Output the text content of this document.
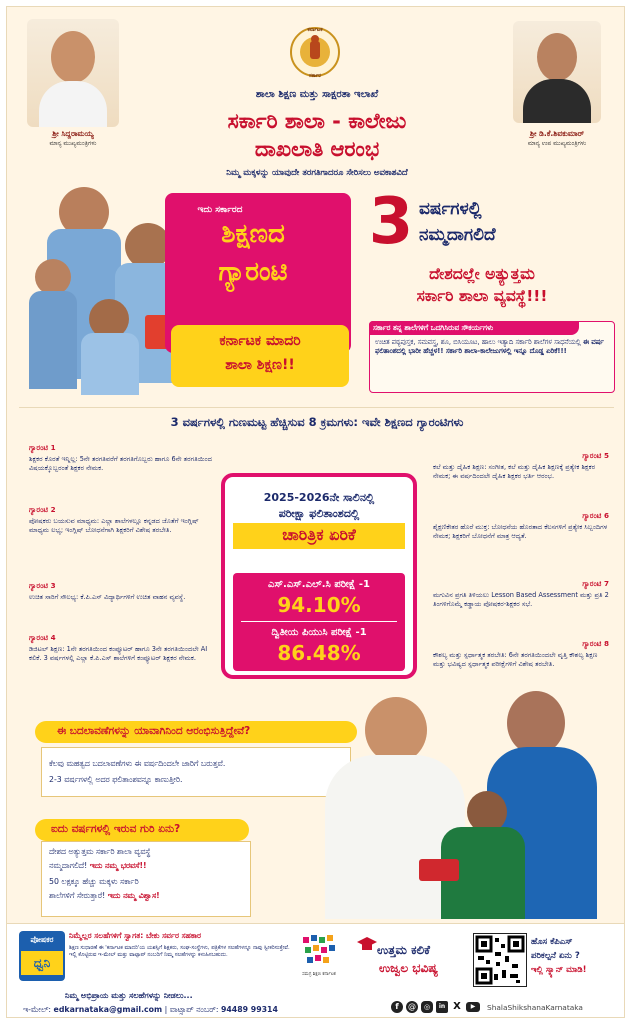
ಶ್ರೀ ಸಿದ್ದರಾಮಯ್ಯ
ಮಾನ್ಯ ಮುಖ್ಯಮಂತ್ರಿಗಳು
ಶ್ರೀ ಡಿ.ಕೆ.ಶಿವಕುಮಾರ್
ಮಾನ್ಯ ಉಪ ಮುಖ್ಯಮಂತ್ರಿಗಳು
ಕರ್ನಾಟಕ
ಸರ್ಕಾರ
ಶಾಲಾ ಶಿಕ್ಷಣ ಮತ್ತು ಸಾಕ್ಷರತಾ ಇಲಾಖೆ
ಸರ್ಕಾರಿ ಶಾಲಾ - ಕಾಲೇಜು
ದಾಖಲಾತಿ ಆರಂಭ
ನಿಮ್ಮ ಮಕ್ಕಳನ್ನು ಯಾವುದೇ ತರಗತಿಗಾದರೂ ಸೇರಿಸಲು ಅವಕಾಶವಿದೆ
ಇದು ಸರ್ಕಾರದ
ಶಿಕ್ಷಣದ
ಗ್ಯಾರಂಟಿ
ಕರ್ನಾಟಕ ಮಾದರಿ
ಶಾಲಾ ಶಿಕ್ಷಣ!!
3 ವರ್ಷಗಳಲ್ಲಿ
ನಮ್ಮದಾಗಲಿದೆ
ದೇಶದಲ್ಲೇ ಅತ್ಯುತ್ತಮ
ಸರ್ಕಾರಿ ಶಾಲಾ ವ್ಯವಸ್ಥೆ!!!
ಸರ್ಕಾರ ತನ್ನ ಶಾಲೆಗಳಿಗೆ ಒದಗಿಸಿರುವ ಸೌಕರ್ಯಗಳು
ಉಚಿತ ಪಠ್ಯಪುಸ್ತಕ, ಸಮವಸ್ತ್ರ, ಶೂ, ಬಿಸಿಯೂಟ, ಹಾಲು ಇತ್ಯಾದಿ ಸರ್ಕಾರಿ ಶಾಲೆಗಳ ಸಾಧನೆಯಲ್ಲಿ ಈ ವರ್ಷ ಫಲಿತಾಂಶದಲ್ಲಿ ಭಾರೀ ಹೆಚ್ಚಳ!! ಸರ್ಕಾರಿ ಶಾಲಾ-ಕಾಲೇಜುಗಳಲ್ಲಿ ಇನ್ನೂ ದೊಡ್ಡ ಏರಿಕೆ!!!
3 ವರ್ಷಗಳಲ್ಲಿ ಗುಣಮಟ್ಟ ಹೆಚ್ಚಿಸುವ 8 ಕ್ರಮಗಳು: ಇವೇ ಶಿಕ್ಷಣದ ಗ್ಯಾರಂಟಿಗಳು
ಗ್ಯಾರಂಟಿ 1
ಶಿಕ್ಷಕರ ಕೊರತೆ ಇನ್ನಿಲ್ಲ: 5ನೇ ತರಗತಿವರೆಗೆ ತರಗತಿಗೊಬ್ಬರು ಹಾಗೂ 6ನೇ ತರಗತಿಯಿಂದ ವಿಷಯಕ್ಕೊಬ್ಬರಂತೆ ಶಿಕ್ಷಕರ ನೇಮಕ.
ಗ್ಯಾರಂಟಿ 2
ಪೋಷಕರು ಬಯಸುವ ಮಾಧ್ಯಮ: ಎಲ್ಲಾ ಶಾಲೆಗಳಲ್ಲೂ ಕನ್ನಡದ ಜೊತೆಗೆ ಇಂಗ್ಲಿಷ್ ಮಾಧ್ಯಮ ಲಭ್ಯ; ಇಂಗ್ಲಿಷ್ ಬೋಧನೆಗಾಗಿ ಶಿಕ್ಷಕರಿಗೆ ವಿಶೇಷ ತರಬೇತಿ.
ಗ್ಯಾರಂಟಿ 3
ಉಚಿತ ಸಾರಿಗೆ ಸೌಲಭ್ಯ: ಕೆ.ಪಿ.ಎಸ್ ವಿದ್ಯಾರ್ಥಿಗಳಿಗೆ ಉಚಿತ ವಾಹನ ವ್ಯವಸ್ಥೆ.
ಗ್ಯಾರಂಟಿ 4
ಡಿಜಿಟಲ್ ಶಿಕ್ಷಣ: 1ನೇ ತರಗತಿಯಿಂದ ಕಂಪ್ಯೂಟರ್ ಹಾಗೂ 3ನೇ ತರಗತಿಯಿಂದಲೇ AI ಕಲಿಕೆ. 3 ವರ್ಷಗಳಲ್ಲಿ ಎಲ್ಲಾ ಕೆ.ಪಿ.ಎಸ್ ಶಾಲೆಗಳಿಗೆ ಕಂಪ್ಯೂಟರ್ ಶಿಕ್ಷಕರ ನೇಮಕ.
ಗ್ಯಾರಂಟಿ 5
ಕಲೆ ಮತ್ತು ದೈಹಿಕ ಶಿಕ್ಷಣ: ಸಂಗೀತ, ಕಲೆ ಮತ್ತು ದೈಹಿಕ ಶಿಕ್ಷಣಕ್ಕೆ ಪ್ರತ್ಯೇಕ ಶಿಕ್ಷಕರ ನೇಮಕ; ಈ ವರ್ಷದಿಂದಲೇ ದೈಹಿಕ ಶಿಕ್ಷಕರ ಭರ್ತಿ ಆರಂಭ.
ಗ್ಯಾರಂಟಿ 6
ಶೈಕ್ಷಣಿಕೇತರ ಹೊರೆ ಮುಕ್ತ: ಬೋಧನೆಯ ಹೊರತಾದ ಕೆಲಸಗಳಿಗೆ ಪ್ರತ್ಯೇಕ ಸಿಬ್ಬಂದಿಗಳ ನೇಮಕ; ಶಿಕ್ಷಕರಿಗೆ ಬೋಧನೆಗೆ ಮಾತ್ರ ಆದ್ಯತೆ.
ಗ್ಯಾರಂಟಿ 7
ಮಗುವಿನ ಪ್ರಗತಿ ತಿಳಿಯಲು Lesson Based Assessment ಮತ್ತು ಪ್ರತಿ 2 ತಿಂಗಳಿಗೊಮ್ಮೆ ಕಡ್ಡಾಯ ಪೋಷಕರ-ಶಿಕ್ಷಕರ ಸಭೆ.
ಗ್ಯಾರಂಟಿ 8
ಕೌಶಲ್ಯ ಮತ್ತು ಸ್ಪರ್ಧಾತ್ಮಕ ತರಬೇತಿ: 6ನೇ ತರಗತಿಯಿಂದಲೇ ವೃತ್ತಿ ಕೌಶಲ್ಯ ಶಿಕ್ಷಣ ಮತ್ತು ಭವಿಷ್ಯದ ಸ್ಪರ್ಧಾತ್ಮಕ ಪರೀಕ್ಷೆಗಳಿಗೆ ವಿಶೇಷ ತರಬೇತಿ.
2025-2026ನೇ ಸಾಲಿನಲ್ಲಿ
ಪರೀಕ್ಷಾ ಫಲಿತಾಂಶದಲ್ಲಿ
ಚಾರಿತ್ರಿಕ ಏರಿಕೆ
ಎಸ್.ಎಸ್.ಎಲ್.ಸಿ ಪರೀಕ್ಷೆ -1
94.10%
ದ್ವಿತೀಯ ಪಿಯುಸಿ ಪರೀಕ್ಷೆ -1
86.48%
ಈ ಬದಲಾವಣೆಗಳನ್ನು ಯಾವಾಗಿನಿಂದ ಆರಂಭಿಸುತ್ತಿದ್ದೇವೆ?
ಕೆಲವು ಮಹತ್ವದ ಬದಲಾವಣೆಗಳು ಈ ವರ್ಷದಿಂದಲೇ ಜಾರಿಗೆ ಬರುತ್ತವೆ.
2-3 ವರ್ಷಗಳಲ್ಲಿ ಅದರ ಫಲಿತಾಂಶವನ್ನೂ ಕಾಣುತ್ತೀರಿ.
ಐದು ವರ್ಷಗಳಲ್ಲಿ ಇರುವ ಗುರಿ ಏನು?
ದೇಶದ ಅತ್ಯುತ್ತಮ ಸರ್ಕಾರಿ ಶಾಲಾ ವ್ಯವಸ್ಥೆ
ನಮ್ಮದಾಗಲಿದೆ! ಇದು ನಮ್ಮ ಭರವಸೆ!!
50 ಲಕ್ಷಕ್ಕೂ ಹೆಚ್ಚು ಮಕ್ಕಳು ಸರ್ಕಾರಿ
ಶಾಲೆಗಳಿಗೆ ಸೇರುತ್ತಾರೆ! ಇದು ನಮ್ಮ ವಿಶ್ವಾಸ!
ಪೋಷಕರ
ಧ್ವನಿ
ನಿಮ್ಮೆಲ್ಲರ ಸಲಹೆಗಳಿಗೆ ಸ್ವಾಗತ: ಬೇಕು ಸರ್ವರ ಸಹಕಾರ
ಶಿಕ್ಷಣ ಸುಧಾರಣೆ ಈ 'ಕರ್ನಾಟಕ ಮಾದರಿ'ಯ ಯಶಸ್ಸಿಗೆ ಶಿಕ್ಷಕರು, ಸಂಘ-ಸಂಸ್ಥೆಗಳು, ಪತ್ರಿಕೆಗಳ ಸಲಹೆಗಳನ್ನೂ ನಾವು ಸ್ವೀಕರಿಸುತ್ತೇವೆ. ಇಲ್ಲಿ ಕೊಟ್ಟಿರುವ ಇ-ಮೇಲ್ ಮತ್ತು ವಾಟ್ಸಾಪ್ ನಂಬರಿಗೆ ನಿಮ್ಮ ಸಲಹೆಗಳನ್ನು ಕಳುಹಿಸಬಹುದು.
ಸಮಗ್ರ ಶಿಕ್ಷಣ ಕರ್ನಾಟಕ
ಉತ್ತಮ ಕಲಿಕೆ
ಉಜ್ವಲ ಭವಿಷ್ಯ
ಹೊಸ ಕೆಪಿಎಸ್
ಪರಿಕಲ್ಪನೆ ಏನು ?
ಇಲ್ಲಿ ಸ್ಕ್ಯಾನ್ ಮಾಡಿ!
ನಿಮ್ಮ ಅಭಿಪ್ರಾಯ ಮತ್ತು ಸಲಹೆಗಳನ್ನು ನೀಡಲು...
ಇ-ಮೇಲ್: edkarnataka@gmail.com | ವಾಟ್ಸಾಪ್ ನಂಬರ್: 94489 99314	f	@	◎	in X	▶	ShalaShikshanaKarnataka
